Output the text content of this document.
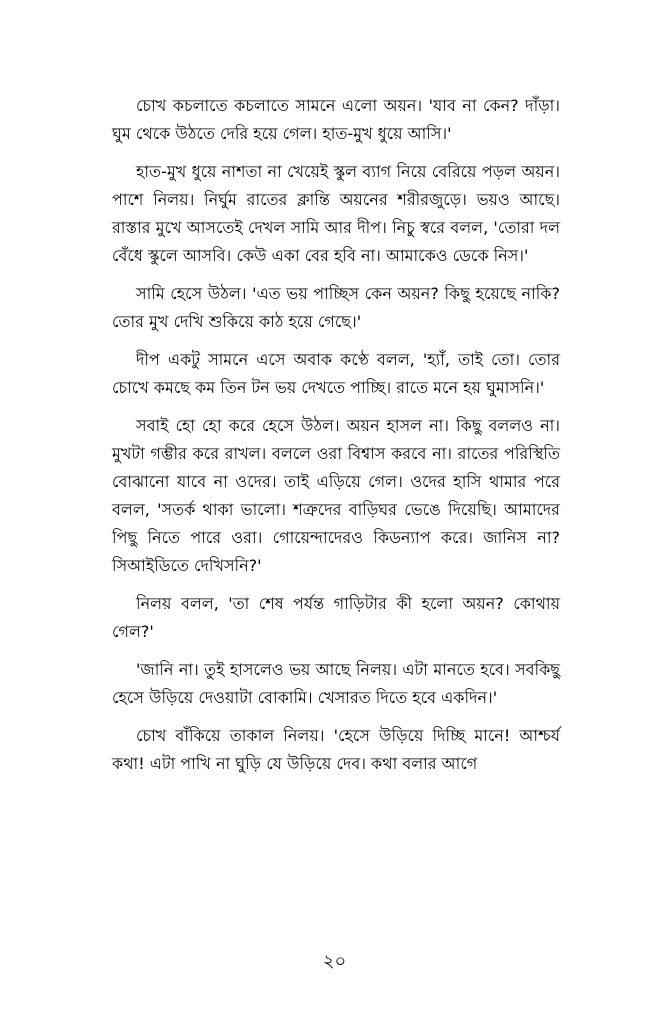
চোখ কচলাতে কচলাতে সামনে এলো অয়ন। 'যাব না কেন? দাঁড়া। ঘুম থেকে উঠতে দেরি হয়ে গেল। হাত-মুখ ধুয়ে আসি।'

হাত-মুখ ধুয়ে নাশতা না খেয়েই স্কুল ব্যাগ নিয়ে বেরিয়ে পড়ল অয়ন। পাশে নিলয়। নির্ঘুম রাতের ক্লান্তি অয়নের শরীরজুড়ে। ভয়ও আছে। রাস্তার মুখে আসতেই দেখল সামি আর দীপ। নিচু স্বরে বলল, 'তোরা দল বেঁধে স্কুলে আসবি। কেউ একা বের হবি না। আমাকেও ডেকে নিস।'

সামি হেসে উঠল। 'এত ভয় পাচ্ছিস কেন অয়ন? কিছু হয়েছে নাকি? তোর মুখ দেখি শুকিয়ে কাঠ হয়ে গেছে।'

দীপ একটু সামনে এসে অবাক কণ্ঠে বলল, 'হ্যাঁ, তাই তো। তোর চোখে কমছে কম তিন টন ভয় দেখতে পাচ্ছি। রাতে মনে হয় ঘুমাসনি।'

সবাই হো হো করে হেসে উঠল। অয়ন হাসল না। কিছু বললও না। মুখটা গম্ভীর করে রাখল। বললে ওরা বিশ্বাস করবে না। রাতের পরিস্থিতি বোঝানো যাবে না ওদের। তাই এড়িয়ে গেল। ওদের হাসি থামার পরে বলল, 'সতর্ক থাকা ভালো। শত্রুদের বাড়িঘর ভেঙে দিয়েছি। আমাদের পিছু নিতে পারে ওরা। গোয়েন্দাদেরও কিডন্যাপ করে। জানিস না? সিআইডিতে দেখিসনি?'

নিলয় বলল, 'তা শেষ পর্যন্ত গাড়িটার কী হলো অয়ন? কোথায় গেল?'

'জানি না। তুই হাসলেও ভয় আছে নিলয়। এটা মানতে হবে। সবকিছু হেসে উড়িয়ে দেওয়াটা বোকামি। খেসারত দিতে হবে একদিন।'

চোখ বাঁকিয়ে তাকাল নিলয়। 'হেসে উড়িয়ে দিচ্ছি মানে! আশ্চর্য কথা! এটা পাখি না ঘুড়ি যে উড়িয়ে দেব। কথা বলার আগে

২০
